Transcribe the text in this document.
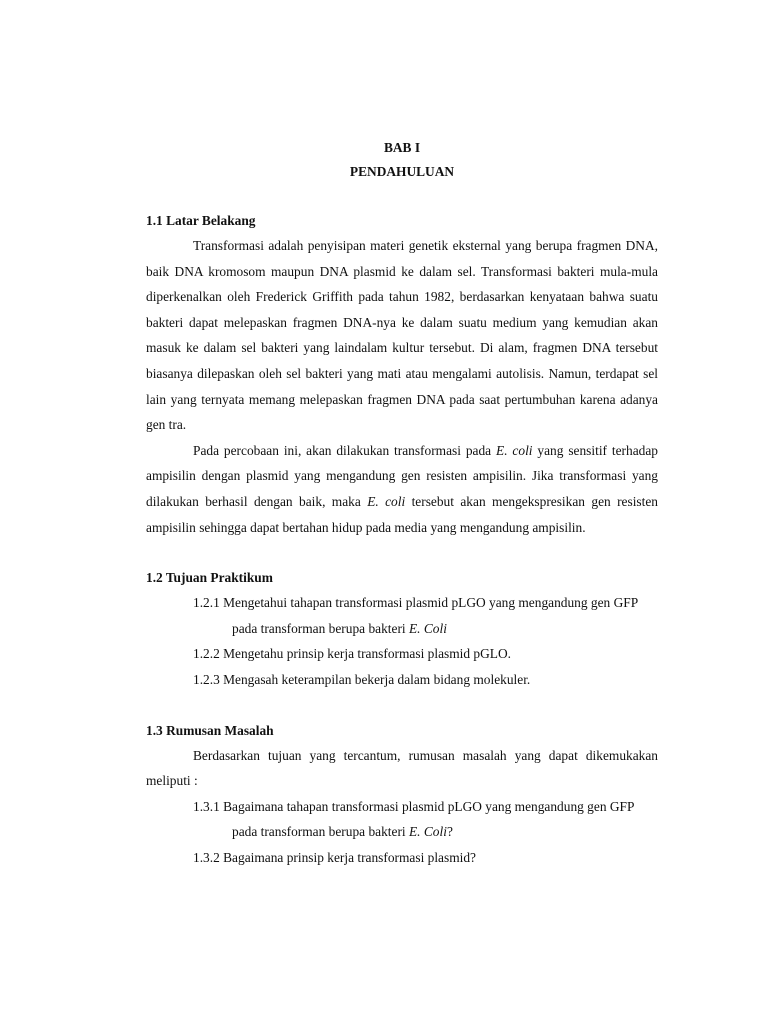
BAB I

PENDAHULUAN

1.1 Latar Belakang

Transformasi adalah penyisipan materi genetik eksternal yang berupa fragmen DNA, baik DNA kromosom maupun DNA plasmid ke dalam sel. Transformasi bakteri mula-mula diperkenalkan oleh Frederick Griffith pada tahun 1982, berdasarkan kenyataan bahwa suatu bakteri dapat melepaskan fragmen DNA-nya ke dalam suatu medium yang kemudian akan masuk ke dalam sel bakteri yang laindalam kultur tersebut. Di alam, fragmen DNA tersebut biasanya dilepaskan oleh sel bakteri yang mati atau mengalami autolisis. Namun, terdapat sel lain yang ternyata memang melepaskan fragmen DNA pada saat pertumbuhan karena adanya gen tra.

Pada percobaan ini, akan dilakukan transformasi pada E. coli yang sensitif terhadap ampisilin dengan plasmid yang mengandung gen resisten ampisilin. Jika transformasi yang dilakukan berhasil dengan baik, maka E. coli tersebut akan mengekspresikan gen resisten ampisilin sehingga dapat bertahan hidup pada media yang mengandung ampisilin.

1.2 Tujuan Praktikum

1.2.1 Mengetahui tahapan transformasi plasmid pLGO yang mengandung gen GFP pada transforman berupa bakteri E. Coli
1.2.2 Mengetahu prinsip kerja transformasi plasmid pGLO.
1.2.3 Mengasah keterampilan bekerja dalam bidang molekuler.

1.3 Rumusan Masalah

Berdasarkan tujuan yang tercantum, rumusan masalah yang dapat dikemukakan meliputi :

1.3.1 Bagaimana tahapan transformasi plasmid pLGO yang mengandung gen GFP pada transforman berupa bakteri E. Coli?
1.3.2 Bagaimana prinsip kerja transformasi plasmid?
